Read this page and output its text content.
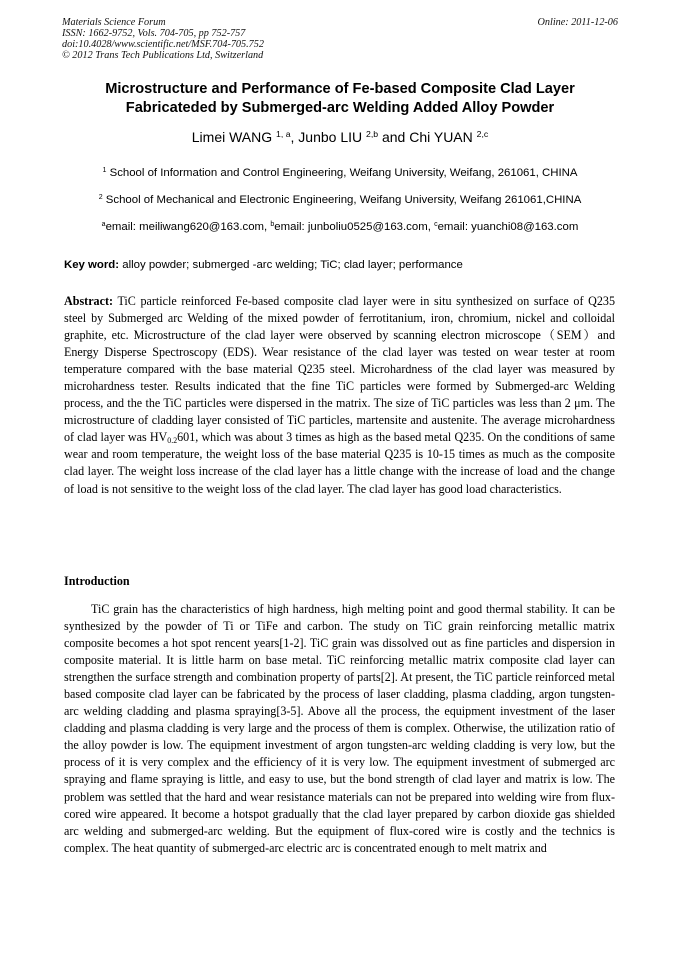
Materials Science Forum
ISSN: 1662-9752, Vols. 704-705, pp 752-757
doi:10.4028/www.scientific.net/MSF.704-705.752
© 2012 Trans Tech Publications Ltd, Switzerland
Online: 2011-12-06
Microstructure and Performance of Fe-based Composite Clad Layer
Fabricateded by Submerged-arc Welding Added Alloy Powder
Limei WANG $^{1, a}$, Junbo LIU $^{2,b}$ and Chi YUAN $^{2,c}$
$^1$ School of Information and Control Engineering, Weifang University, Weifang, 261061, CHINA
$^2$ School of Mechanical and Electronic Engineering, Weifang University, Weifang 261061,CHINA
$^a$email: meiliwang620@163.com, $^b$email: junboliu0525@163.com, $^c$email: yuanchi08@163.com
Key word: alloy powder; submerged -arc welding; TiC; clad layer; performance
Abstract: TiC particle reinforced Fe-based composite clad layer were in situ synthesized on surface of Q235 steel by Submerged arc Welding of the mixed powder of ferrotitanium, iron, chromium, nickel and colloidal graphite, etc. Microstructure of the clad layer were observed by scanning electron microscope（SEM）and Energy Disperse Spectroscopy (EDS). Wear resistance of the clad layer was tested on wear tester at room temperature compared with the base material Q235 steel. Microhardness of the clad layer was measured by microhardness tester. Results indicated that the fine TiC particles were formed by Submerged-arc Welding process, and the the TiC particles were dispersed in the matrix. The size of TiC particles was less than 2 μm. The microstructure of cladding layer consisted of TiC particles, martensite and austenite. The average microhardness of clad layer was $HV_{0.2}601$, which was about 3 times as high as the based metal Q235. On the conditions of same wear and room temperature, the weight loss of the base material Q235 is 10-15 times as much as the composite clad layer. The weight loss increase of the clad layer has a little change with the increase of load and the change of load is not sensitive to the weight loss of the clad layer. The clad layer has good load characteristics.
Introduction
TiC grain has the characteristics of high hardness, high melting point and good thermal stability. It can be synthesized by the powder of Ti or TiFe and carbon. The study on TiC grain reinforcing metallic matrix composite becomes a hot spot rencent years[1-2]. TiC grain was dissolved out as fine particles and dispersion in composite material. It is little harm on base metal. TiC reinforcing metallic matrix composite clad layer can strengthen the surface strength and combination property of parts[2]. At present, the TiC particle reinforced metal based composite clad layer can be fabricated by the process of laser cladding, plasma cladding, argon tungsten-arc welding cladding and plasma spraying[3-5]. Above all the process, the equipment investment of the laser cladding and plasma cladding is very large and the process of them is complex. Otherwise, the utilization ratio of the alloy powder is low. The equipment investment of argon tungsten-arc welding cladding is very low, but the process of it is very complex and the efficiency of it is very low. The equipment investment of submerged arc spraying and flame spraying is little, and easy to use, but the bond strength of clad layer and matrix is low. The problem was settled that the hard and wear resistance materials can not be prepared into welding wire from flux-cored wire appeared. It become a hotspot gradually that the clad layer prepared by carbon dioxide gas shielded arc welding and submerged-arc welding. But the equipment of flux-cored wire is costly and the technics is complex. The heat quantity of submerged-arc electric arc is concentrated enough to melt matrix and
